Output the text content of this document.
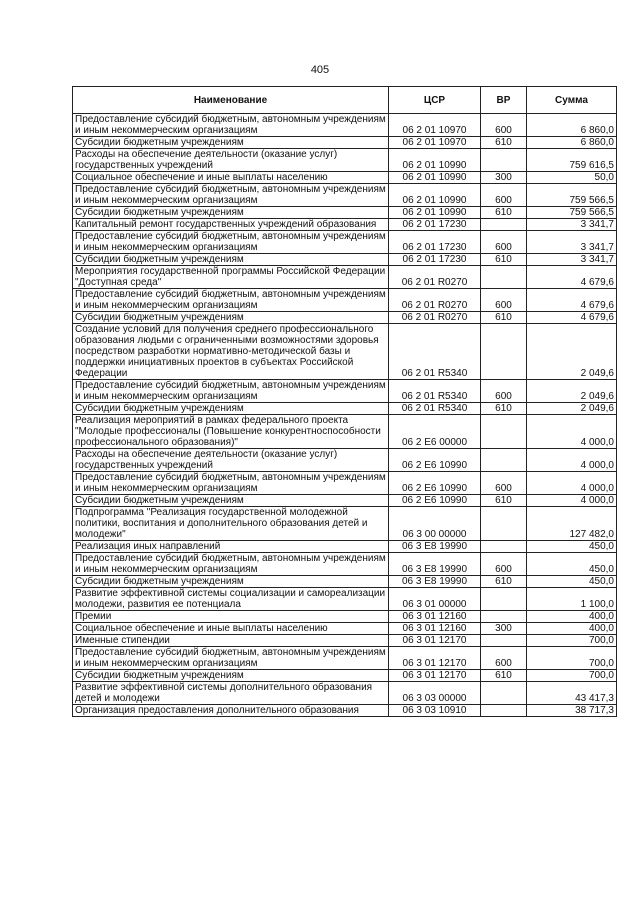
405
Наименование	ЦСР	ВР	Сумма
Предоставление субсидий бюджетным, автономным учреждениям и иным некоммерческим организациям	06 2 01 10970	600	6 860,0
Субсидии бюджетным учреждениям	06 2 01 10970	610	6 860,0
Расходы на обеспечение деятельности (оказание услуг) государственных учреждений	06 2 01 10990		759 616,5
Социальное обеспечение и иные выплаты населению	06 2 01 10990	300	50,0
Предоставление субсидий бюджетным, автономным учреждениям и иным некоммерческим организациям	06 2 01 10990	600	759 566,5
Субсидии бюджетным учреждениям	06 2 01 10990	610	759 566,5
Капитальный ремонт государственных учреждений образования	06 2 01 17230		3 341,7
Предоставление субсидий бюджетным, автономным учреждениям и иным некоммерческим организациям	06 2 01 17230	600	3 341,7
Субсидии бюджетным учреждениям	06 2 01 17230	610	3 341,7
Мероприятия государственной программы Российской Федерации "Доступная среда"	06 2 01 R0270		4 679,6
Предоставление субсидий бюджетным, автономным учреждениям и иным некоммерческим организациям	06 2 01 R0270	600	4 679,6
Субсидии бюджетным учреждениям	06 2 01 R0270	610	4 679,6
Создание условий для получения среднего профессионального образования людьми с ограниченными возможностями здоровья посредством разработки нормативно-методической базы и поддержки инициативных проектов в субъектах Российской Федерации	06 2 01 R5340		2 049,6
Предоставление субсидий бюджетным, автономным учреждениям и иным некоммерческим организациям	06 2 01 R5340	600	2 049,6
Субсидии бюджетным учреждениям	06 2 01 R5340	610	2 049,6
Реализация мероприятий в рамках федерального проекта "Молодые профессионалы (Повышение конкурентноспособности профессионального образования)"	06 2 E6 00000		4 000,0
Расходы на обеспечение деятельности (оказание услуг) государственных учреждений	06 2 E6 10990		4 000,0
Предоставление субсидий бюджетным, автономным учреждениям и иным некоммерческим организациям	06 2 E6 10990	600	4 000,0
Субсидии бюджетным учреждениям	06 2 E6 10990	610	4 000,0
Подпрограмма "Реализация государственной молодежной политики, воспитания и дополнительного образования детей и молодежи"	06 3 00 00000		127 482,0
Реализация иных направлений	06 3 E8 19990		450,0
Предоставление субсидий бюджетным, автономным учреждениям и иным некоммерческим организациям	06 3 E8 19990	600	450,0
Субсидии бюджетным учреждениям	06 3 E8 19990	610	450,0
Развитие эффективной системы социализации и самореализации молодежи, развития ее потенциала	06 3 01 00000		1 100,0
Премии	06 3 01 12160		400,0
Социальное обеспечение и иные выплаты населению	06 3 01 12160	300	400,0
Именные стипендии	06 3 01 12170		700,0
Предоставление субсидий бюджетным, автономным учреждениям и иным некоммерческим организациям	06 3 01 12170	600	700,0
Субсидии бюджетным учреждениям	06 3 01 12170	610	700,0
Развитие эффективной системы дополнительного образования детей и молодежи	06 3 03 00000		43 417,3
Организация предоставления дополнительного образования	06 3 03 10910		38 717,3
